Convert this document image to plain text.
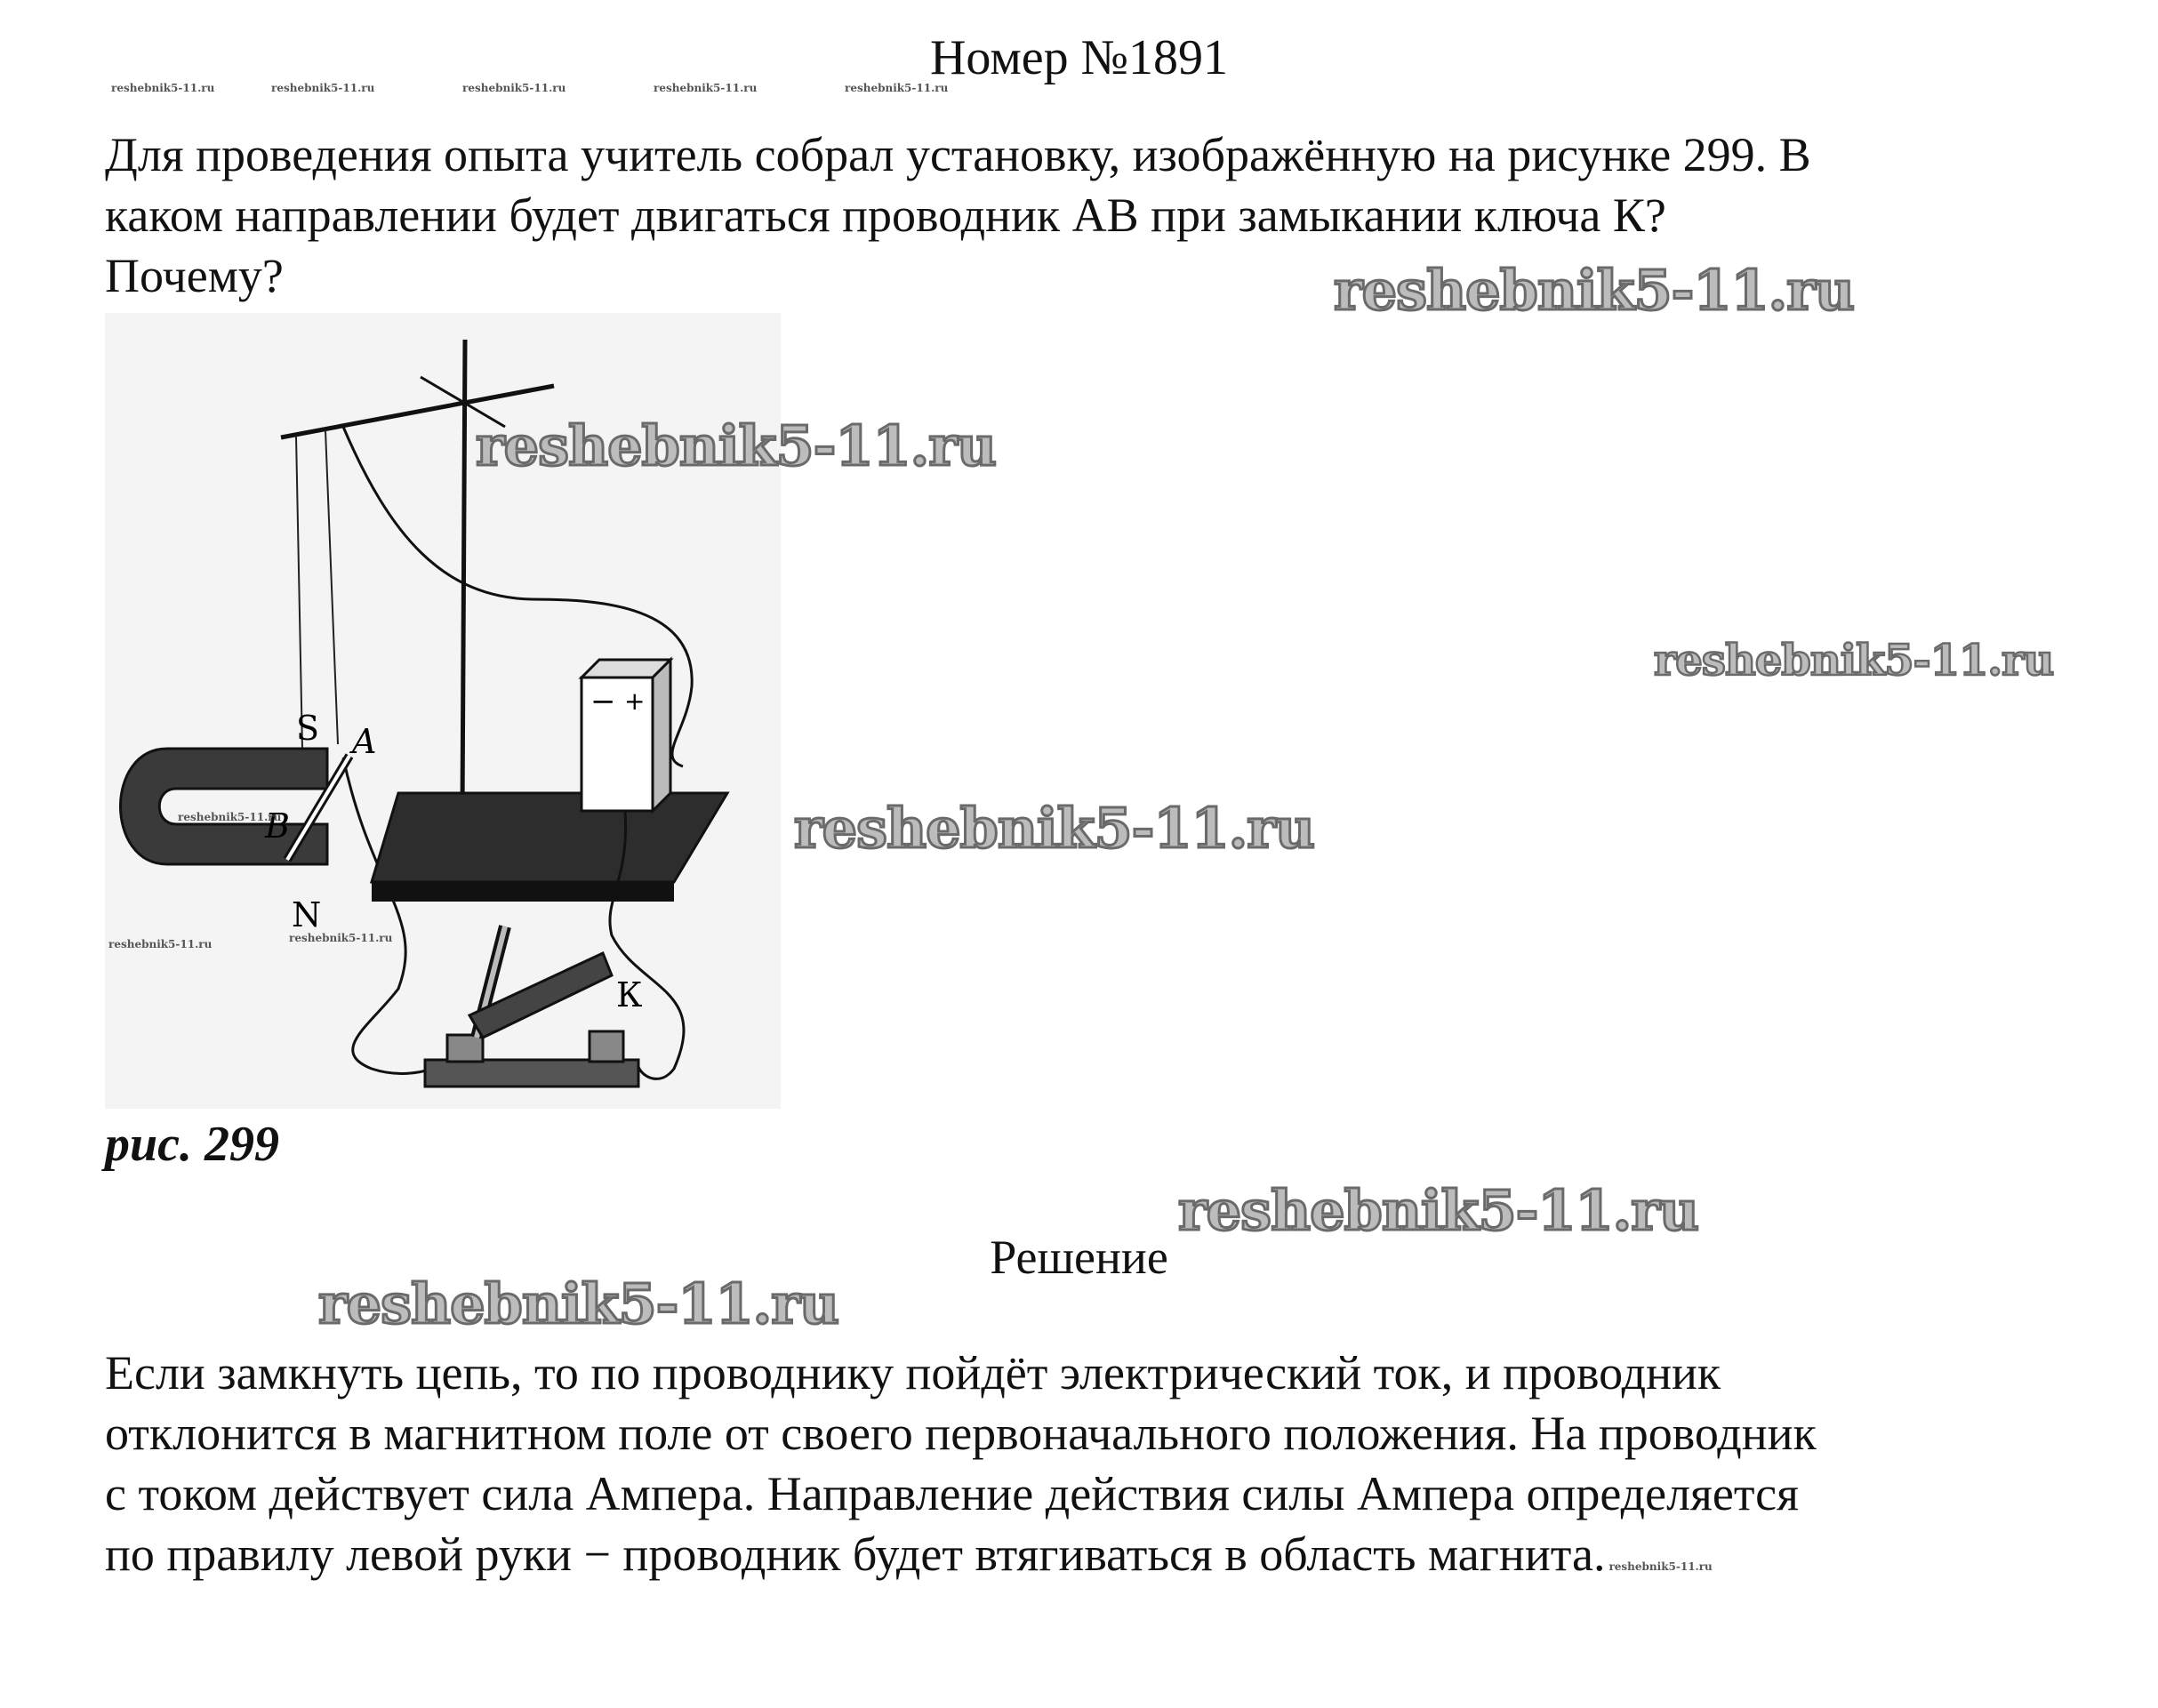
Номер №1891
reshebnik5-11.ru	reshebnik5-11.ru	reshebnik5-11.ru	reshebnik5-11.ru	reshebnik5-11.ru
Для проведения опыта учитель собрал установку, изображённую на рисунке 299. В
каком направлении будет двигаться проводник АВ при замыкании ключа К?
Почему?
− +
S A
B
N
К
reshebnik5-11.ru
reshebnik5-11.ru	reshebnik5-11.ru
рис. 299
Решение
Если замкнуть цепь, то по проводнику пойдёт электрический ток, и проводник
отклонится в магнитном поле от своего первоначального положения. На проводник
с током действует сила Ампера. Направление действия силы Ампера определяется
по правилу левой руки − проводник будет втягиваться в область магнита. reshebnik5-11.ru
reshebnik5-11.ru
reshebnik5-11.ru
reshebnik5-11.ru
reshebnik5-11.ru
reshebnik5-11.ru
reshebnik5-11.ru
